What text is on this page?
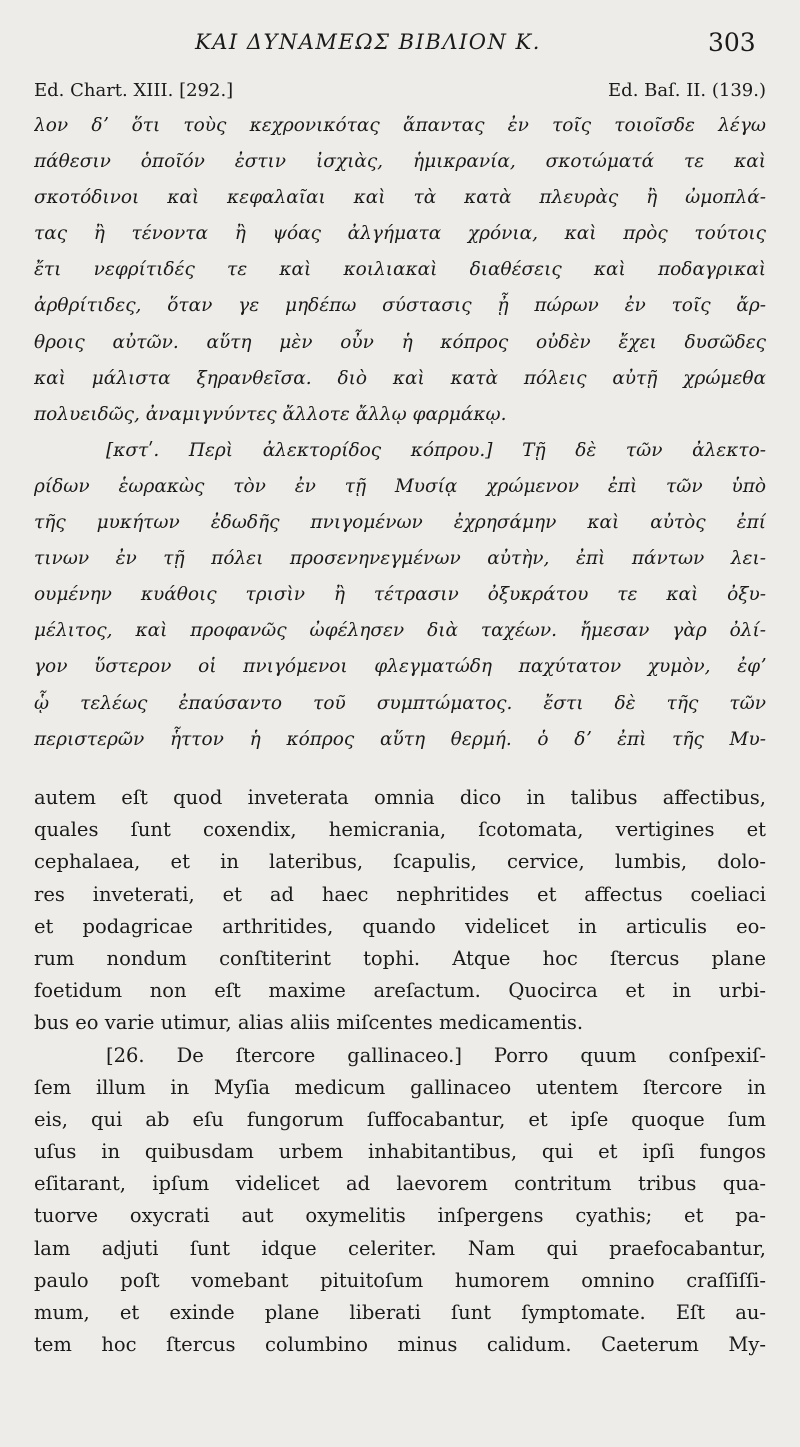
ΚΑΙ ΔΥΝΑΜΕΩΣ ΒΙΒΛΙΟΝ Κ.	303
Ed. Chart. XIII. [292.]	Ed. Baſ. II. (139.)
λον δʼ ὅτι τοὺς κεχρονικότας ἅπαντας ἐν τοῖς τοιοῖσδε λέγω
πάθεσιν ὁποῖόν ἐστιν ἰσχιὰς, ἡμικρανία, σκοτώματά τε καὶ
σκοτόδινοι καὶ κεφαλαῖαι καὶ τὰ κατὰ πλευρὰς ἢ ὠμοπλά-
τας ἢ τένοντα ἢ ψόας ἀλγήματα χρόνια, καὶ πρὸς τούτοις
ἔτι νεφρίτιδές τε καὶ κοιλιακαὶ διαθέσεις καὶ ποδαγρικαὶ
ἀρθρίτιδες, ὅταν γε μηδέπω σύστασις ᾖ πώρων ἐν τοῖς ἄρ-
θροις αὐτῶν. αὕτη μὲν οὖν ἡ κόπρος οὐδὲν ἔχει δυσῶδες
καὶ μάλιστα ξηρανθεῖσα. διὸ καὶ κατὰ πόλεις αὐτῇ χρώμεθα
πολυειδῶς, ἀναμιγνύντες ἄλλοτε ἄλλῳ φαρμάκῳ.
[κστʹ. Περὶ ἀλεκτορίδος κόπρου.] Τῇ δὲ τῶν ἀλεκτο-
ρίδων ἑωρακὼς τὸν ἐν τῇ Μυσίᾳ χρώμενον ἐπὶ τῶν ὑπὸ
τῆς μυκήτων ἐδωδῆς πνιγομένων ἐχρησάμην καὶ αὐτὸς ἐπί
τινων ἐν τῇ πόλει προσενηνεγμένων αὐτὴν, ἐπὶ πάντων λει-
ουμένην κυάθοις τρισὶν ἢ τέτρασιν ὀξυκράτου τε καὶ ὀξυ-
μέλιτος, καὶ προφανῶς ὠφέλησεν διὰ ταχέων. ἤμεσαν γὰρ ὀλί-
γον ὕστερον οἱ πνιγόμενοι φλεγματώδη παχύτατον χυμὸν, ἐφʼ
ᾧ τελέως ἐπαύσαντο τοῦ συμπτώματος. ἔστι δὲ τῆς τῶν
περιστερῶν ἧττον ἡ κόπρος αὕτη θερμή. ὁ δʼ ἐπὶ τῆς Μυ-
autem eſt quod inveterata omnia dico in talibus affectibus,
quales ſunt coxendix, hemicrania, ſcotomata, vertigines et
cephalaea, et in lateribus, ſcapulis, cervice, lumbis, dolo-
res inveterati, et ad haec nephritides et affectus coeliaci
et podagricae arthritides, quando videlicet in articulis eo-
rum nondum conſtiterint tophi. Atque hoc ſtercus plane
foetidum non eſt maxime areſactum. Quocirca et in urbi-
bus eo varie utimur, alias aliis miſcentes medicamentis.
[26. De ſtercore gallinaceo.] Porro quum conſpexiſ-
ſem illum in Myſia medicum gallinaceo utentem ſtercore in
eis, qui ab eſu fungorum ſuffocabantur, et ipſe quoque ſum
uſus in quibusdam urbem inhabitantibus, qui et ipſi fungos
eſitarant, ipſum videlicet ad laevorem contritum tribus qua-
tuorve oxycrati aut oxymelitis inſpergens cyathis; et pa-
lam adjuti ſunt idque celeriter. Nam qui praefocabantur,
paulo poſt vomebant pituitoſum humorem omnino craſſiſſi-
mum, et exinde plane liberati ſunt ſymptomate. Eſt au-
tem hoc ſtercus columbino minus calidum. Caeterum My-
